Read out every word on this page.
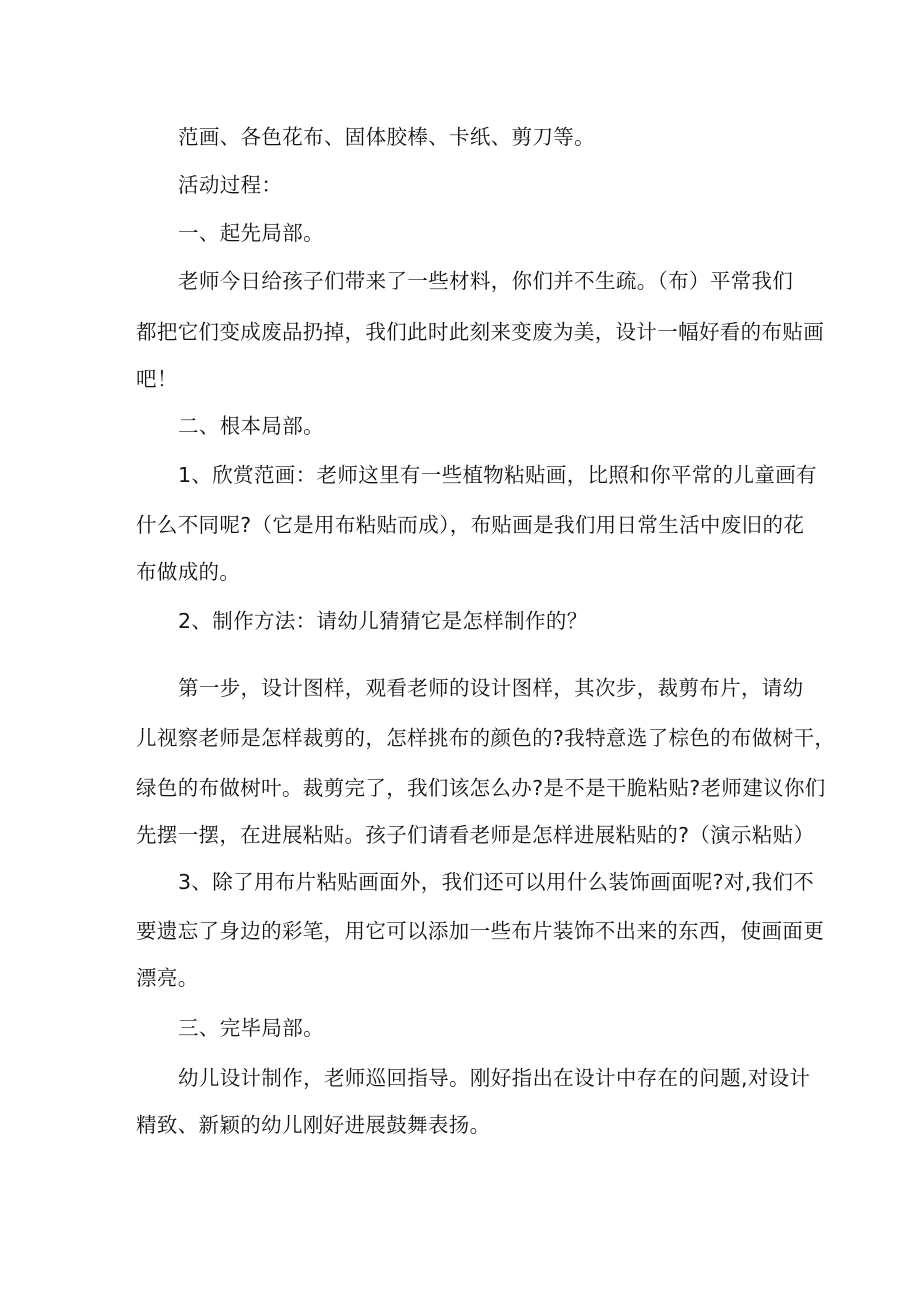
范画、各色花布、固体胶棒、卡纸、剪刀等。

活动过程：

一、起先局部。

老师今日给孩子们带来了一些材料，你们并不生疏。（布）平常我们

都把它们变成废品扔掉，我们此时此刻来变废为美，设计一幅好看的布贴画

吧！

二、根本局部。

1、欣赏范画：老师这里有一些植物粘贴画，比照和你平常的儿童画有

什么不同呢?（它是用布粘贴而成），布贴画是我们用日常生活中废旧的花

布做成的。

2、制作方法：请幼儿猜猜它是怎样制作的？

第一步，设计图样，观看老师的设计图样，其次步，裁剪布片，请幼

儿视察老师是怎样裁剪的，怎样挑布的颜色的?我特意选了棕色的布做树干，

绿色的布做树叶。裁剪完了，我们该怎么办?是不是干脆粘贴?老师建议你们

先摆一摆，在进展粘贴。孩子们请看老师是怎样进展粘贴的?（演示粘贴）

3、除了用布片粘贴画面外，我们还可以用什么装饰画面呢?对,我们不

要遗忘了身边的彩笔，用它可以添加一些布片装饰不出来的东西，使画面更

漂亮。

三、完毕局部。

幼儿设计制作，老师巡回指导。刚好指出在设计中存在的问题,对设计

精致、新颖的幼儿刚好进展鼓舞表扬。
